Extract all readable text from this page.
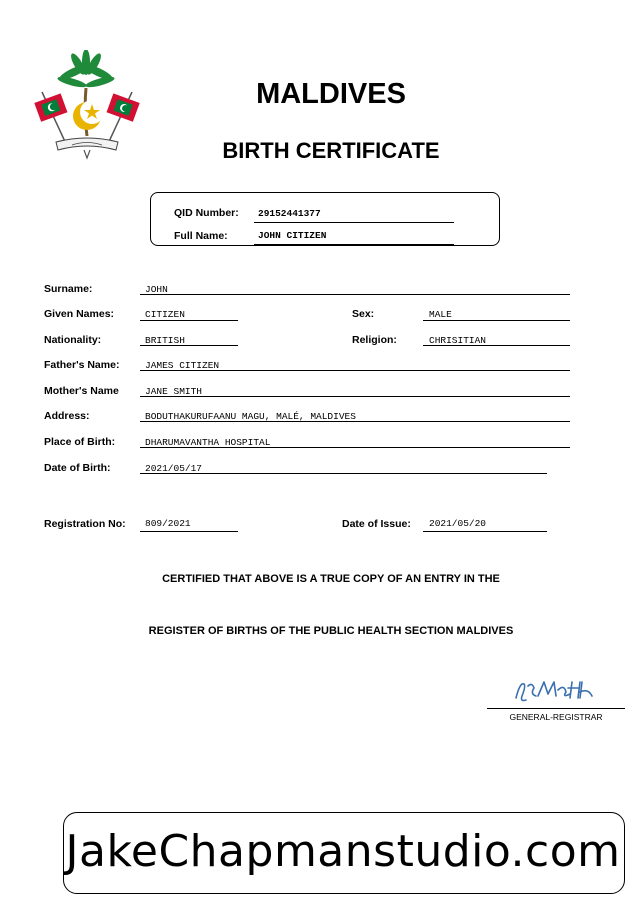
MALDIVES
BIRTH CERTIFICATE
QID Number: 29152441377
Full Name:	JOHN CITIZEN
Surname:	JOHN
Given Names:	CITIZEN	Sex:	MALE
Nationality:	BRITISH	Religion:	CHRISITIAN
Father's Name:	JAMES CITIZEN
Mother's Name	JANE SMITH
Address:	BODUTHAKURUFAANU MAGU, MALÉ, MALDIVES
Place of Birth:	DHARUMAVANTHA HOSPITAL
Date of Birth:	2021/05/17
Registration No: 809/2021	Date of Issue: 2021/05/20
CERTIFIED THAT ABOVE IS A TRUE COPY OF AN ENTRY IN THE
REGISTER OF BIRTHS OF THE PUBLIC HEALTH SECTION MALDIVES
GENERAL-REGISTRAR
JakeChapmanstudio.com
